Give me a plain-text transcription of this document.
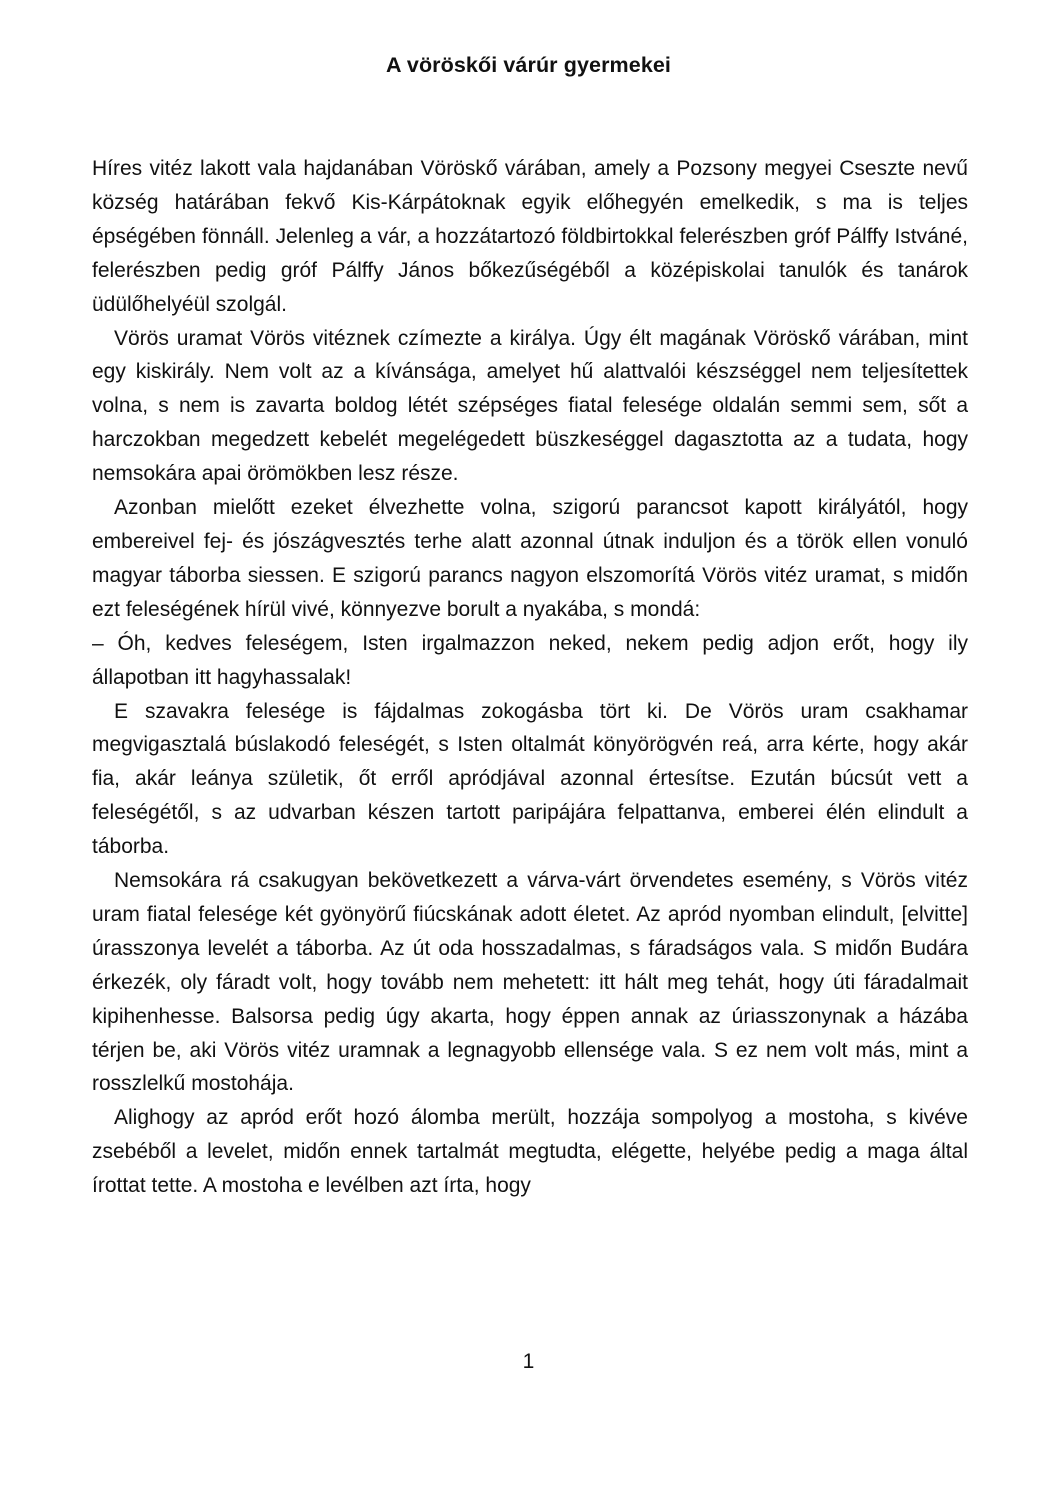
A vöröskői várúr gyermekei

Híres vitéz lakott vala hajdanában Vöröskő várában, amely a Pozsony megyei Cseszte nevű község határában fekvő Kis-Kárpátoknak egyik előhegyén emelkedik, s ma is teljes épségében fönnáll. Jelenleg a vár, a hozzátartozó földbirtokkal felerészben gróf Pálffy Istváné, felerészben pedig gróf Pálffy János bőkezűségéből a középiskolai tanulók és tanárok üdülőhelyéül szolgál.

Vörös uramat Vörös vitéznek czímezte a királya. Úgy élt magának Vöröskő várában, mint egy kiskirály. Nem volt az a kívánsága, amelyet hű alattvalói készséggel nem teljesítettek volna, s nem is zavarta boldog létét szépséges fiatal felesége oldalán semmi sem, sőt a harczokban megedzett kebelét megelégedett büszkeséggel dagasztotta az a tudata, hogy nemsokára apai örömökben lesz része.

Azonban mielőtt ezeket élvezhette volna, szigorú parancsot kapott királyától, hogy embereivel fej- és jószágvesztés terhe alatt azonnal útnak induljon és a török ellen vonuló magyar táborba siessen. E szigorú parancs nagyon elszomorítá Vörös vitéz uramat, s midőn ezt feleségének hírül vivé, könnyezve borult a nyakába, s mondá:

– Óh, kedves feleségem, Isten irgalmazzon neked, nekem pedig adjon erőt, hogy ily állapotban itt hagyhassalak!

E szavakra felesége is fájdalmas zokogásba tört ki. De Vörös uram csakhamar megvigasztalá búslakodó feleségét, s Isten oltalmát könyörögvén reá, arra kérte, hogy akár fia, akár leánya születik, őt erről apródjával azonnal értesítse. Ezután búcsút vett a feleségétől, s az udvarban készen tartott paripájára felpattanva, emberei élén elindult a táborba.

Nemsokára rá csakugyan bekövetkezett a várva-várt örvendetes esemény, s Vörös vitéz uram fiatal felesége két gyönyörű fiúcskának adott életet. Az apród nyomban elindult, [elvitte] úrasszonya levelét a táborba. Az út oda hosszadalmas, s fáradságos vala. S midőn Budára érkezék, oly fáradt volt, hogy tovább nem mehetett: itt hált meg tehát, hogy úti fáradalmait kipihenhesse. Balsorsa pedig úgy akarta, hogy éppen annak az úriasszonynak a házába térjen be, aki Vörös vitéz uramnak a legnagyobb ellensége vala. S ez nem volt más, mint a rosszlelkű mostohája.

Alighogy az apród erőt hozó álomba merült, hozzája sompolyog a mostoha, s kivéve zsebéből a levelet, midőn ennek tartalmát megtudta, elégette, helyébe pedig a maga által írottat tette. A mostoha e levélben azt írta, hogy

1
